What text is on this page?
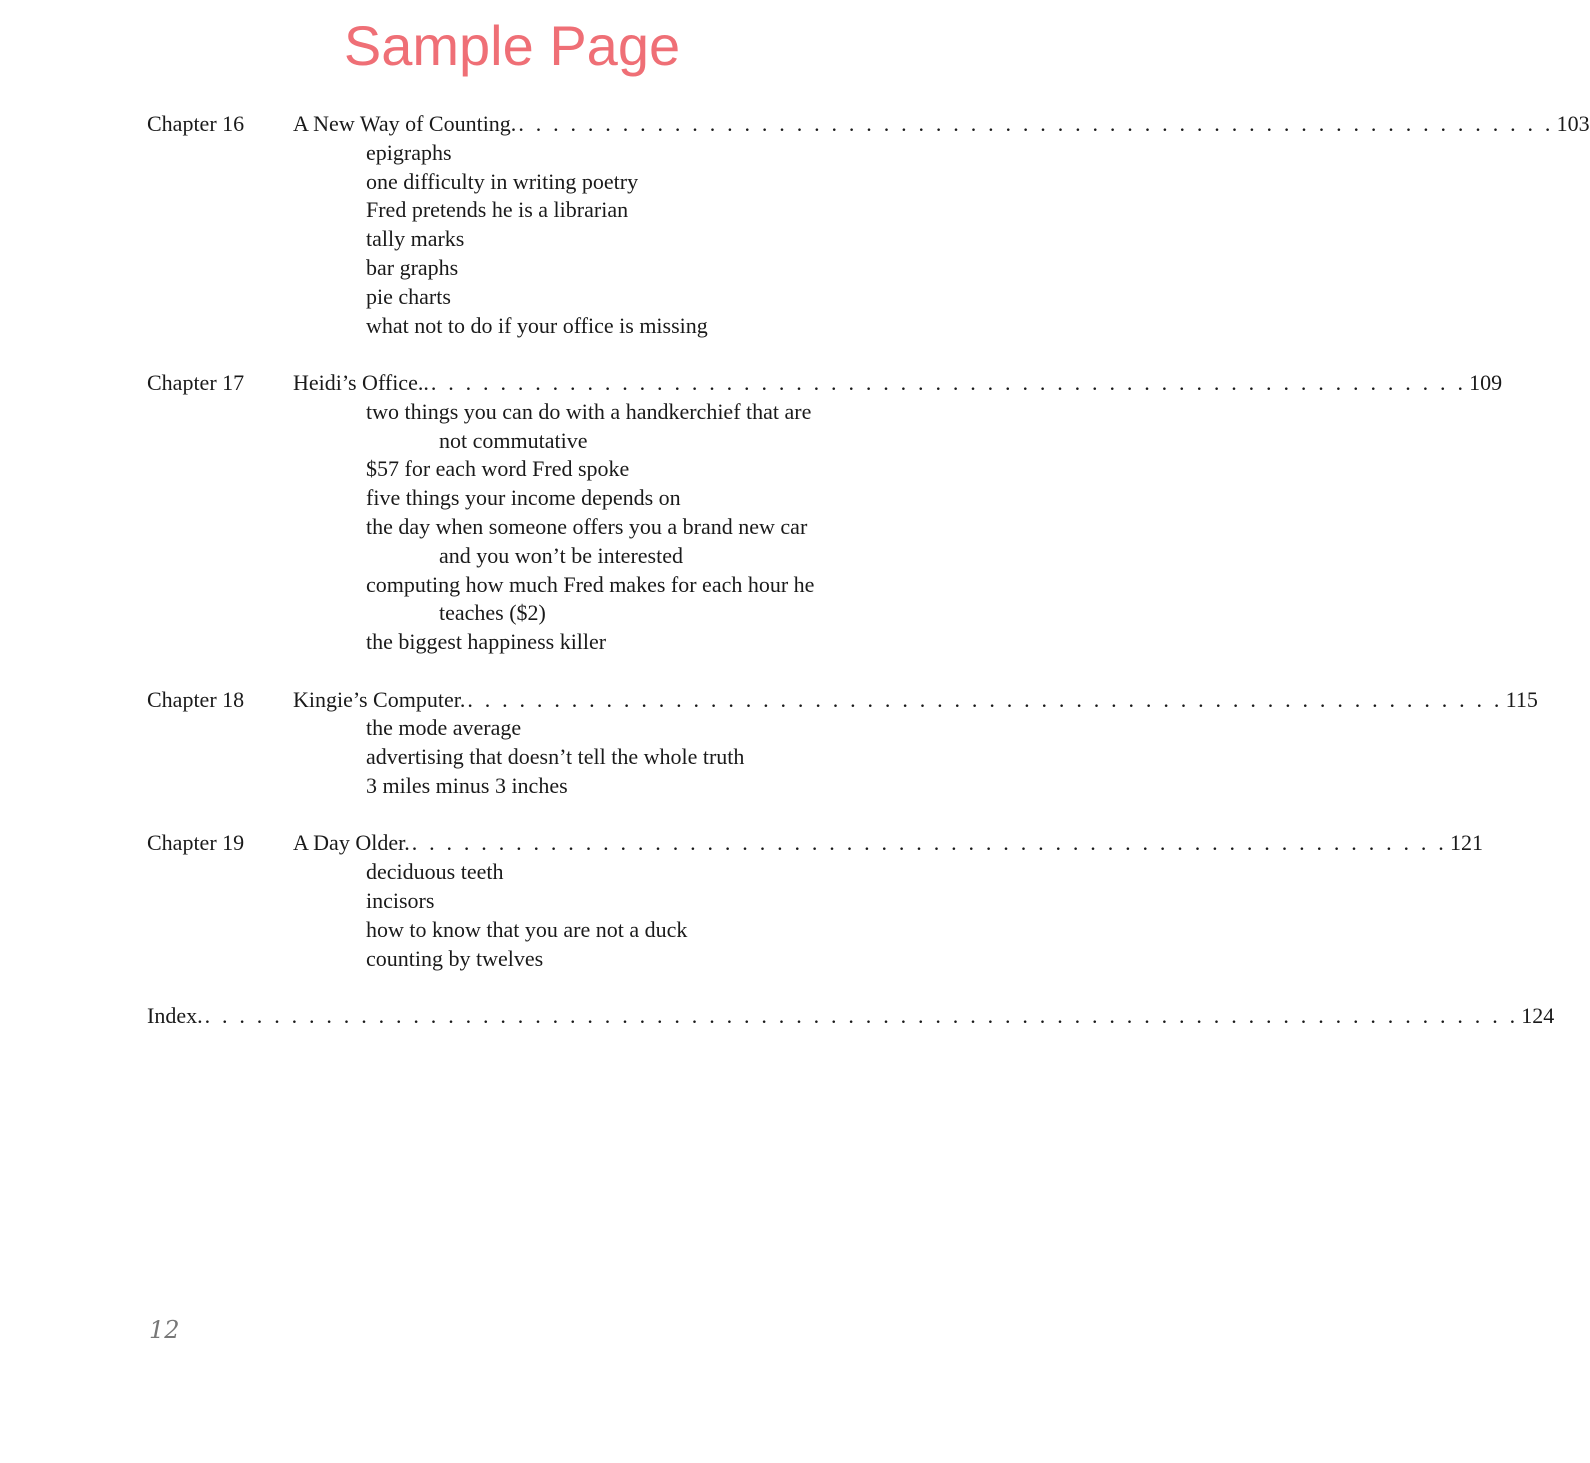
Sample Page
Chapter 16	A New Way of Counting. . . . . . . . . . . . . . . . . . . . . . . . . . . . . . . . . . . . . . . . . . . . . . . . . . . . . . . . . . . . . 103
epigraphs
one difficulty in writing poetry
Fred pretends he is a librarian
tally marks
bar graphs
pie charts
what not to do if your office is missing
Chapter 17	Heidi’s Office.. . . . . . . . . . . . . . . . . . . . . . . . . . . . . . . . . . . . . . . . . . . . . . . . . . . . . . . . . . . . . 109
two things you can do with a handkerchief that are
not commutative
$57 for each word Fred spoke
five things your income depends on
the day when someone offers you a brand new car
and you won’t be interested
computing how much Fred makes for each hour he
teaches ($2)
the biggest happiness killer
Chapter 18	Kingie’s Computer. . . . . . . . . . . . . . . . . . . . . . . . . . . . . . . . . . . . . . . . . . . . . . . . . . . . . . . . . . . . . 115
the mode average
advertising that doesn’t tell the whole truth
3 miles minus 3 inches
Chapter 19	A Day Older. . . . . . . . . . . . . . . . . . . . . . . . . . . . . . . . . . . . . . . . . . . . . . . . . . . . . . . . . . . . . 121
deciduous teeth
incisors
how to know that you are not a duck
counting by twelves
Index. . . . . . . . . . . . . . . . . . . . . . . . . . . . . . . . . . . . . . . . . . . . . . . . . . . . . . . . . . . . . . . . . . . . . . . . . . . . . 124
12
